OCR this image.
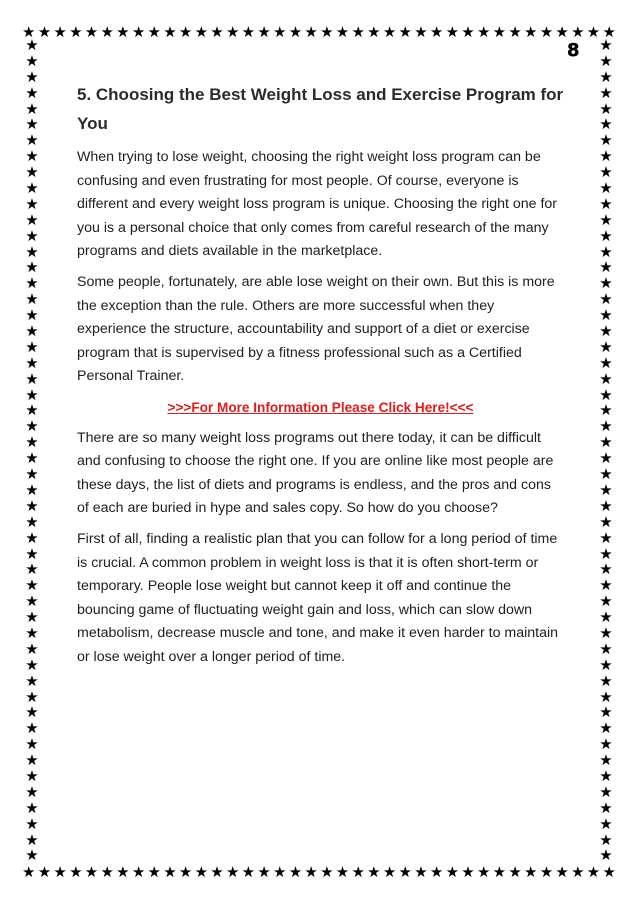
★ ★ ★ ★ ★ ★ ★ ★ ★ ★ ★ ★ ★ ★ ★ ★ ★ ★ ★ ★ ★ ★ ★ ★ ★ ★ ★ ★ ★ ★ ★ ★ ★ ★ ★ ★ ★ ★
★ ★ ★ ★ ★ ★ ★ ★ ★ ★ ★ ★ ★ ★ ★ ★ ★ ★ ★ ★ ★ ★ ★ ★ ★ ★ ★ ★ ★ ★ ★ ★ ★ ★ ★ ★ ★ ★
★
★
★
★
★
★
★
★
★
★
★
★
★
★
★
★
★
★
★
★
★
★
★
★
★
★
★
★
★
★
★
★
★
★
★
★
★
★
★
★
★
★
★
★
★
★
★
★
★
★
★
★
★
★
★
★
★
★
★
★
★
★
★
★
★
★
★
★
★
★
★
★
★
★
★
★
★
★
★
★
★
★
★
★
★
★
★
★
★
★
★
★
★
★
★
★
★
★
★
★
★
★
★
★
8
5. Choosing the Best Weight Loss and Exercise Program for You

When trying to lose weight, choosing the right weight loss program can be confusing and even frustrating for most people. Of course, everyone is different and every weight loss program is unique. Choosing the right one for you is a personal choice that only comes from careful research of the many programs and diets available in the marketplace.

Some people, fortunately, are able lose weight on their own. But this is more the exception than the rule. Others are more successful when they experience the structure, accountability and support of a diet or exercise program that is supervised by a fitness professional such as a Certified Personal Trainer.

>>>For More Information Please Click Here!<<<

There are so many weight loss programs out there today, it can be difficult and confusing to choose the right one. If you are online like most people are these days, the list of diets and programs is endless, and the pros and cons of each are buried in hype and sales copy. So how do you choose?

First of all, finding a realistic plan that you can follow for a long period of time is crucial. A common problem in weight loss is that it is often short-term or temporary. People lose weight but cannot keep it off and continue the bouncing game of fluctuating weight gain and loss, which can slow down metabolism, decrease muscle and tone, and make it even harder to maintain or lose weight over a longer period of time.
